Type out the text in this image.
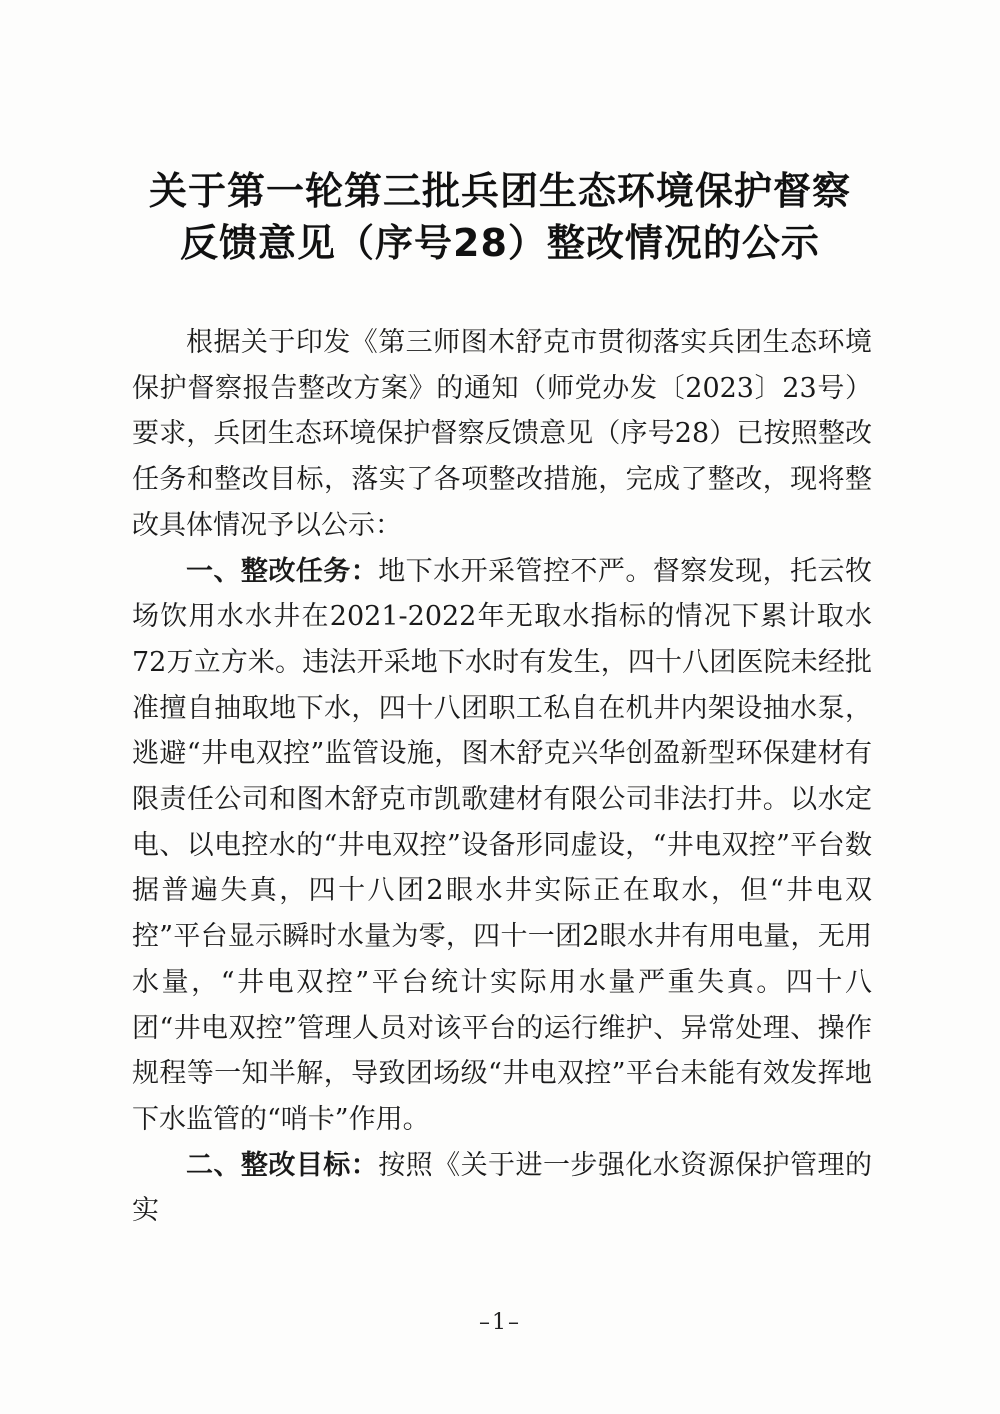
关于第一轮第三批兵团生态环境保护督察
反馈意见（序号28）整改情况的公示

根据关于印发《第三师图木舒克市贯彻落实兵团生态环境保护督察报告整改方案》的通知（师党办发〔2023〕23号）要求，兵团生态环境保护督察反馈意见（序号28）已按照整改任务和整改目标，落实了各项整改措施，完成了整改，现将整改具体情况予以公示：

一、整改任务：地下水开采管控不严。督察发现，托云牧场饮用水水井在2021-2022年无取水指标的情况下累计取水72万立方米。违法开采地下水时有发生，四十八团医院未经批准擅自抽取地下水，四十八团职工私自在机井内架设抽水泵，逃避“井电双控”监管设施，图木舒克兴华创盈新型环保建材有限责任公司和图木舒克市凯歌建材有限公司非法打井。以水定电、以电控水的“井电双控”设备形同虚设，“井电双控”平台数据普遍失真，四十八团2眼水井实际正在取水，但“井电双控”平台显示瞬时水量为零，四十一团2眼水井有用电量，无用水量，“井电双控”平台统计实际用水量严重失真。四十八团“井电双控”管理人员对该平台的运行维护、异常处理、操作规程等一知半解，导致团场级“井电双控”平台未能有效发挥地下水监管的“哨卡”作用。

二、整改目标：按照《关于进一步强化水资源保护管理的实

–1–
